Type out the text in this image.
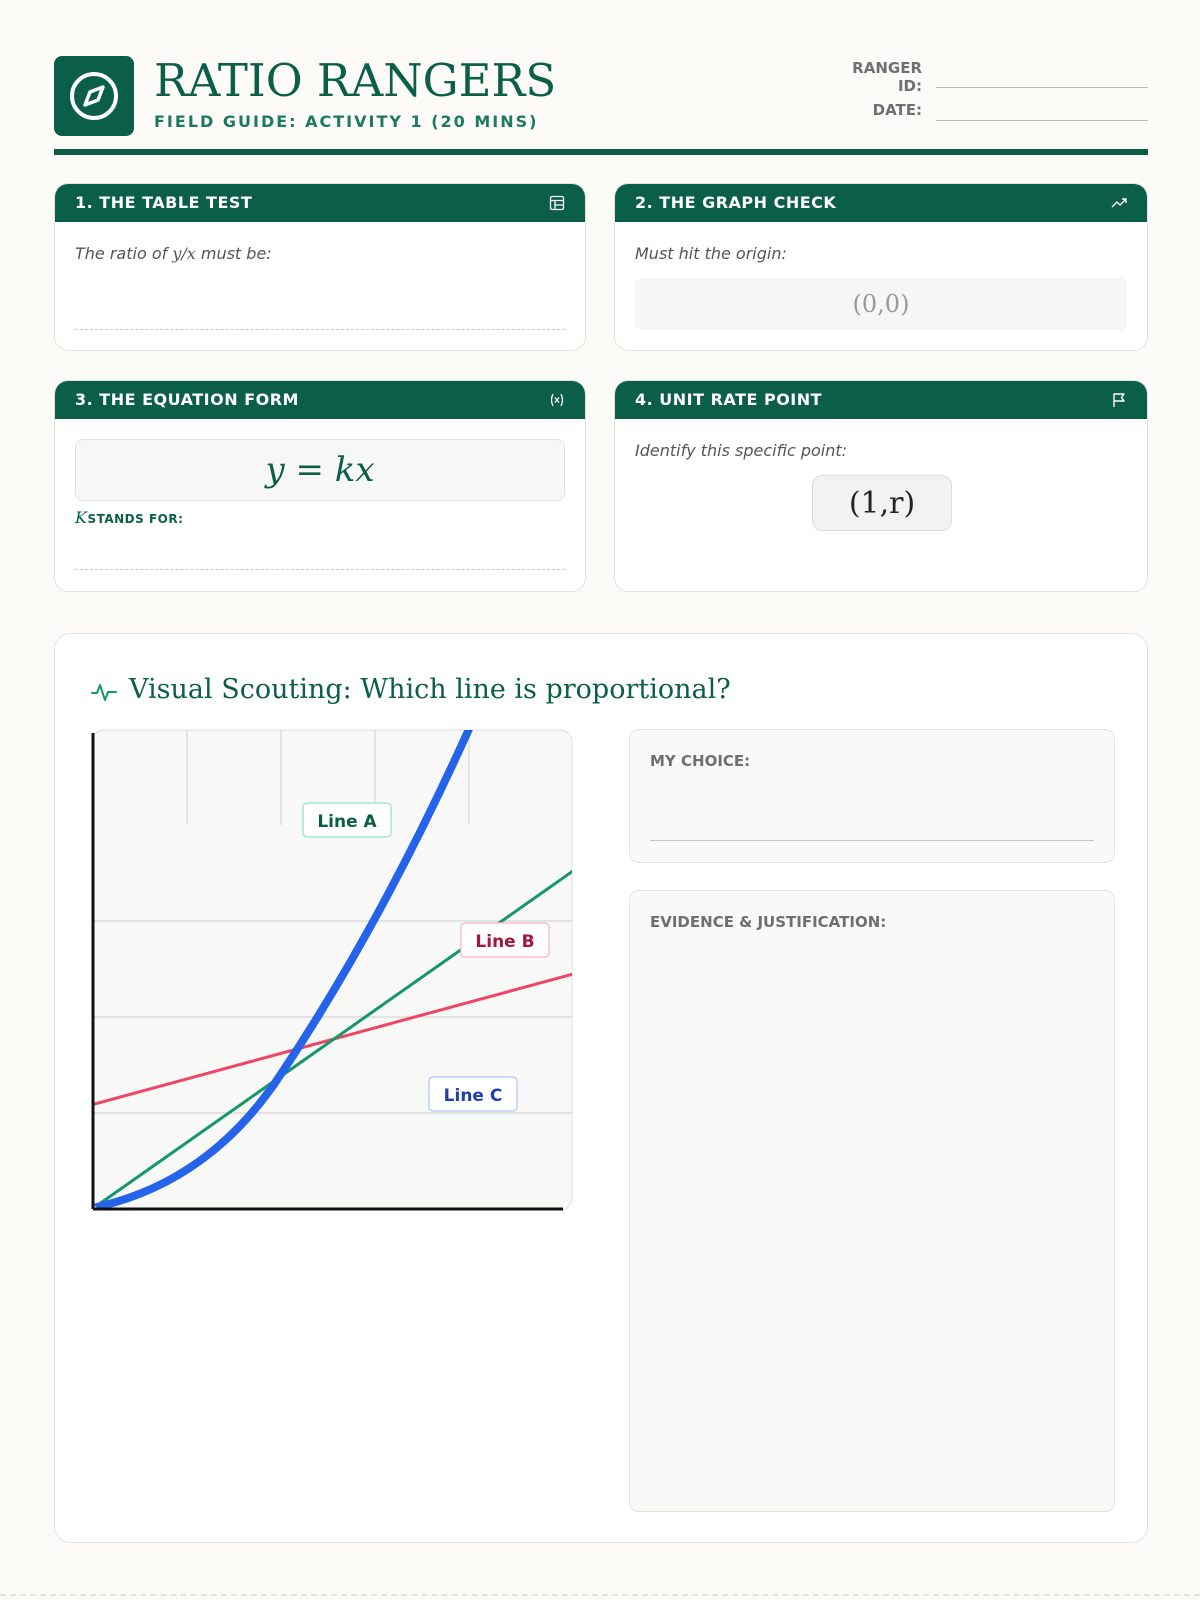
RATIO RANGERS
FIELD GUIDE: ACTIVITY 1 (20 MINS)
RANGER ID:
DATE:
1. THE TABLE TEST
The ratio of y/x must be:
2. THE GRAPH CHECK
Must hit the origin:
(0,0)
3. THE EQUATION FORM
y = kx
KSTANDS FOR:
4. UNIT RATE POINT
Identify this specific point:
(1,r)
Visual Scouting: Which line is proportional?
Line A
Line B
Line C
MY CHOICE:
EVIDENCE & JUSTIFICATION:
